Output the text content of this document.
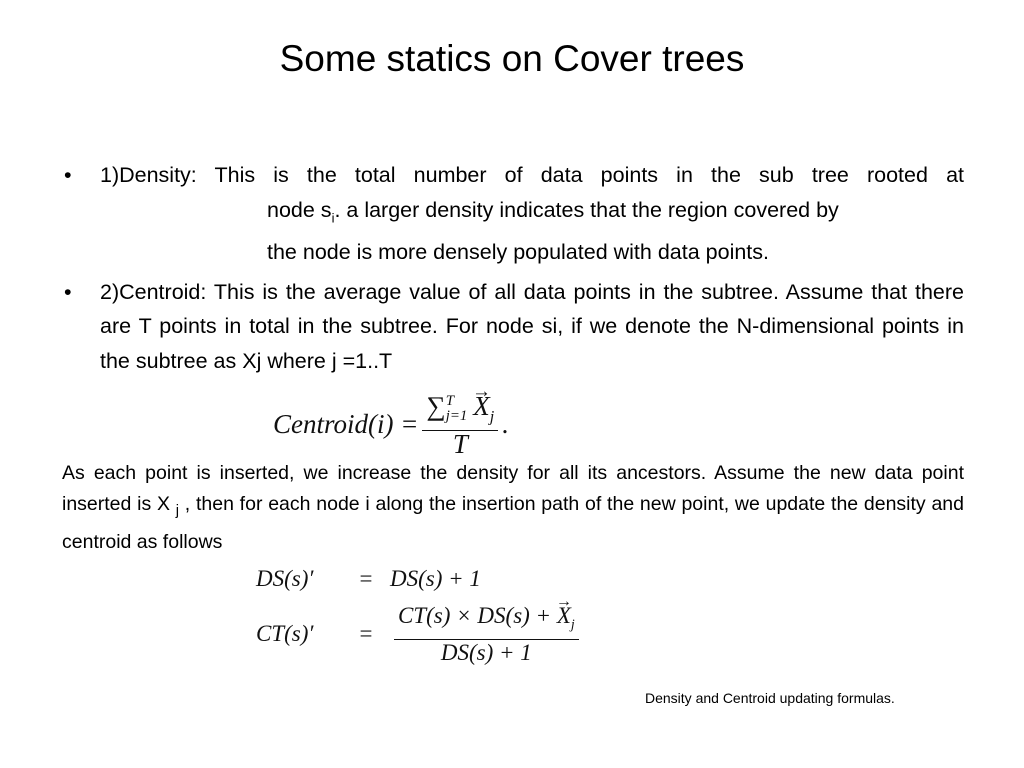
Some statics on Cover trees
•	1)Density: This is the total number of data points in the sub tree rooted at
node $s_i$. a larger density indicates that the region covered by
the node is more densely populated with data points.
•	2)Centroid: This is the average value of all data points in the subtree. Assume that there are T points in total in the subtree. For node si, if we denote the N-dimensional points in the subtree as Xj where j =1..T
Centroid(i) = ∑ T
j=1
→ $X_j$
T .
As each point is inserted, we increase the density for all its ancestors. Assume the new data point inserted is X $_j$ , then for each node i along the insertion path of the new point, we update the density and centroid as follows
DS(s)′	= DS(s) + 1
CT(s)′	= $\frac{CT(s) \times DS(s) + \to X_j}{DS(s) + 1}$
Density and Centroid updating formulas.
